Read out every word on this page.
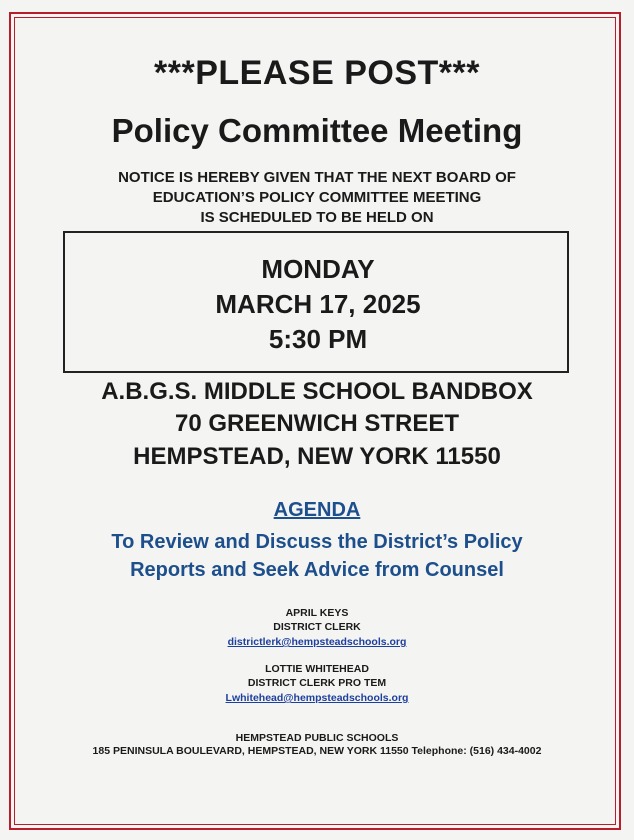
***PLEASE POST***
Policy Committee Meeting
NOTICE IS HEREBY GIVEN THAT THE NEXT BOARD OF
EDUCATION’S POLICY COMMITTEE MEETING
IS SCHEDULED TO BE HELD ON
MONDAY
MARCH 17, 2025
5:30 PM
A.B.G.S. MIDDLE SCHOOL BANDBOX
70 GREENWICH STREET
HEMPSTEAD, NEW YORK 11550
AGENDA
To Review and Discuss the District’s Policy
Reports and Seek Advice from Counsel
APRIL KEYS
DISTRICT CLERK
districtlerk@hempsteadschools.org
LOTTIE WHITEHEAD
DISTRICT CLERK PRO TEM
Lwhitehead@hempsteadschools.org
HEMPSTEAD PUBLIC SCHOOLS
185 PENINSULA BOULEVARD, HEMPSTEAD, NEW YORK 11550 Telephone: (516) 434-4002
